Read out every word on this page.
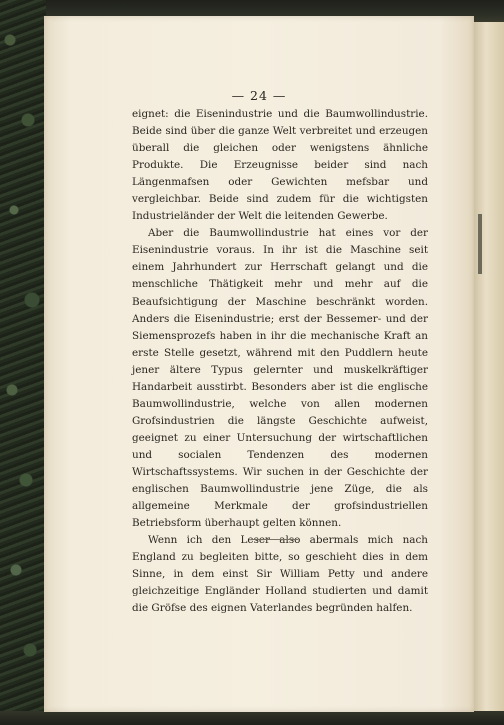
— 24 —

eignet: die Eisenindustrie und die Baumwollindustrie. Beide sind über die ganze Welt verbreitet und erzeugen überall die gleichen oder wenigstens ähnliche Produkte. Die Erzeugnisse beider sind nach Längenmafsen oder Gewichten mefsbar und vergleichbar. Beide sind zudem für die wichtigsten Industrieländer der Welt die leitenden Gewerbe.

Aber die Baumwollindustrie hat eines vor der Eisenindustrie voraus. In ihr ist die Maschine seit einem Jahrhundert zur Herrschaft gelangt und die menschliche Thätigkeit mehr und mehr auf die Beaufsichtigung der Maschine beschränkt worden. Anders die Eisenindustrie; erst der Bessemer- und der Siemensprozefs haben in ihr die mechanische Kraft an erste Stelle gesetzt, während mit den Puddlern heute jener ältere Typus gelernter und muskelkräftiger Handarbeit ausstirbt. Besonders aber ist die englische Baumwollindustrie, welche von allen modernen Grofsindustrien die längste Geschichte aufweist, geeignet zu einer Untersuchung der wirtschaftlichen und socialen Tendenzen des modernen Wirtschaftssystems. Wir suchen in der Geschichte der englischen Baumwollindustrie jene Züge, die als allgemeine Merkmale der grofsindustriellen Betriebsform überhaupt gelten können.

Wenn ich den Leser also abermals mich nach England zu begleiten bitte, so geschieht dies in dem Sinne, in dem einst Sir William Petty und andere gleichzeitige Engländer Holland studierten und damit die Gröfse des eignen Vaterlandes begründen halfen.
